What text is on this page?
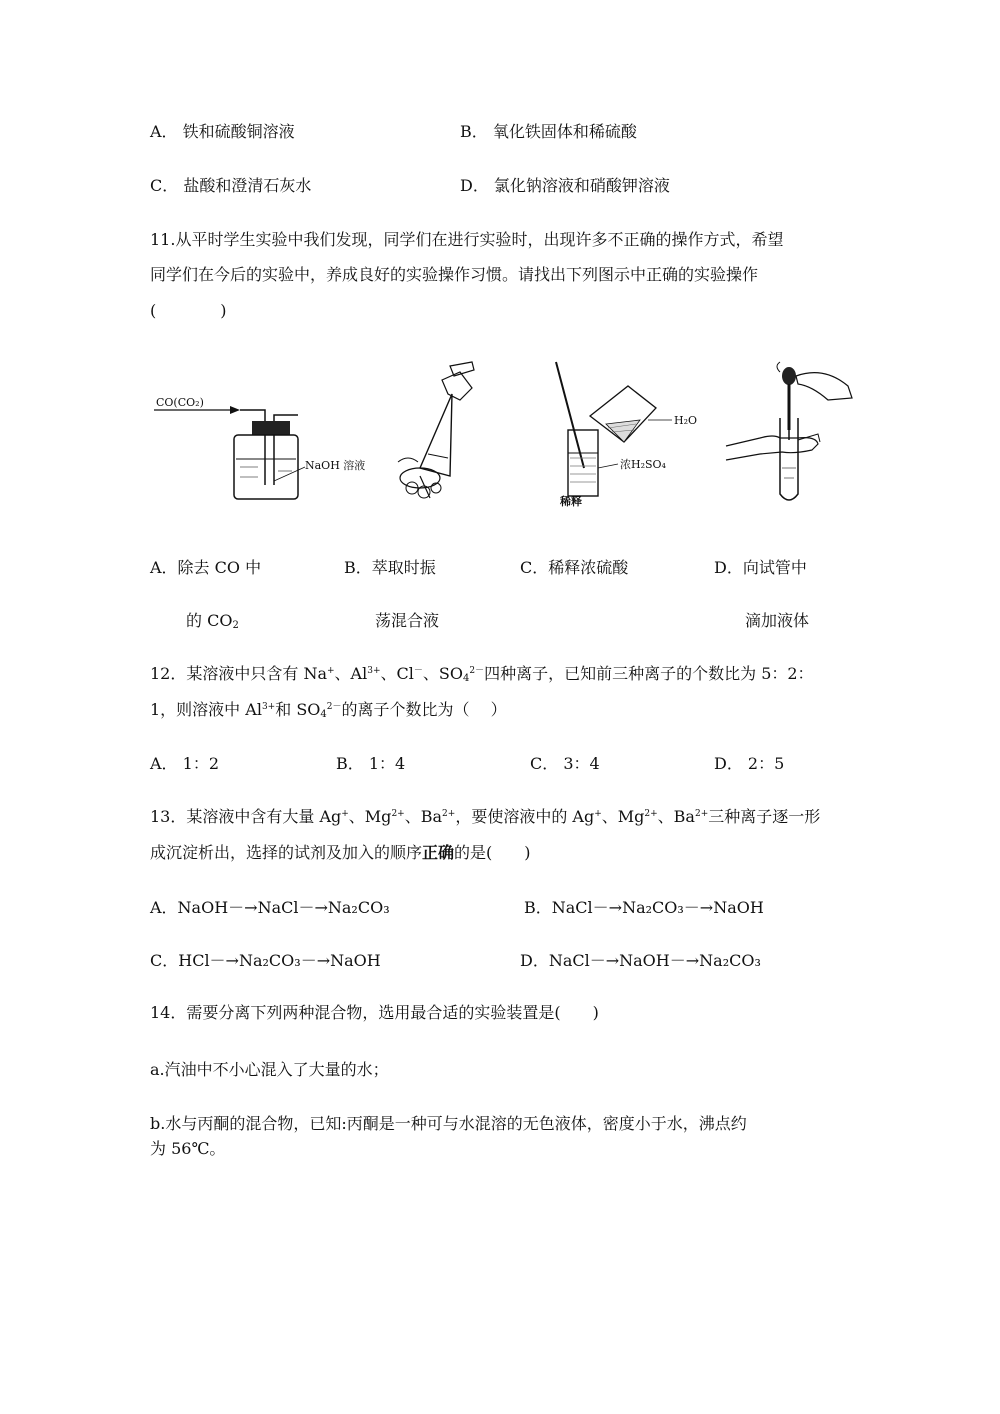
A． 铁和硫酸铜溶液	B． 氧化铁固体和稀硫酸
C． 盐酸和澄清石灰水	D． 氯化钠溶液和硝酸钾溶液
11.从平时学生实验中我们发现，同学们在进行实验时，出现许多不正确的操作方式，希望
同学们在今后的实验中，养成良好的实验操作习惯。请找出下列图示中正确的实验操作
(　　　　)
CO(CO₂)
NaOH 溶液
H₂O
浓H₂SO₄
稀释
A．除去 CO 中
的 $CO_2$
B．萃取时振
荡混合液
C．稀释浓硫酸	D．向试管中
滴加液体
12．某溶液中只含有 Na+、$Al^{3+}$、Cl－、$SO_4^{2-}$四种离子，已知前三种离子的个数比为 5：2：
1，则溶液中 $Al^{3+}$和 $SO_4^{2-}$的离子个数比为（　 ）
A． 1：2	B． 1：4	C． 3：4	D． 2：5
13．某溶液中含有大量 Ag+、$Mg^{2+}$、$Ba^{2+}$，要使溶液中的 Ag+、$Mg^{2+}$、$Ba^{2+}$三种离子逐一形
成沉淀析出，选择的试剂及加入的顺序正确的是(　　)
A．NaOH－→NaCl－→Na₂CO₃	B．NaCl－→Na₂CO₃－→NaOH
C．HCl－→Na₂CO₃－→NaOH	D．NaCl－→NaOH－→Na₂CO₃
14．需要分离下列两种混合物，选用最合适的实验装置是(　　)
a.汽油中不小心混入了大量的水；
b.水与丙酮的混合物，已知:丙酮是一种可与水混溶的无色液体，密度小于水，沸点约
为 56℃。
